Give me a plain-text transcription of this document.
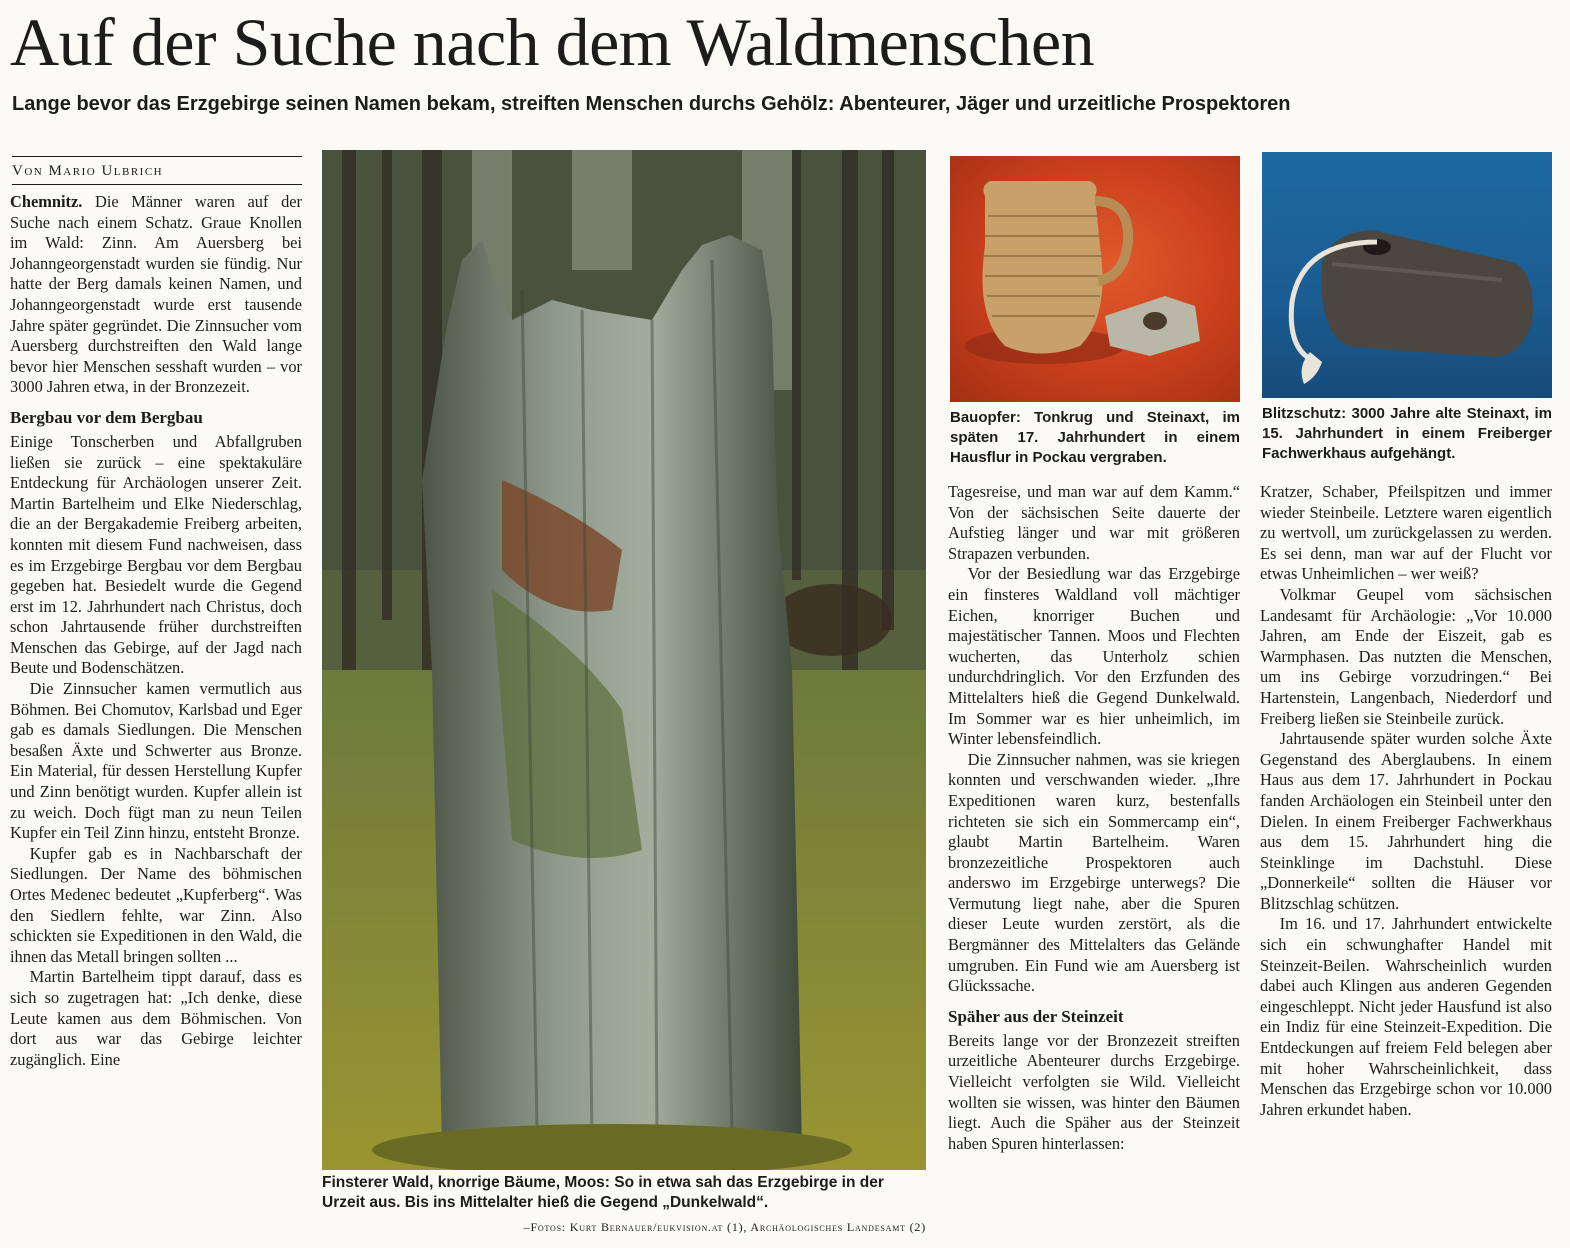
Auf der Suche nach dem Waldmenschen
Lange bevor das Erzgebirge seinen Namen bekam, streiften Menschen durchs Gehölz: Abenteurer, Jäger und urzeitliche Prospektoren
Von Mario Ulbrich

Chemnitz. Die Männer waren auf der Suche nach einem Schatz. Graue Knollen im Wald: Zinn. Am Auersberg bei Johanngeorgenstadt wurden sie fündig. Nur hatte der Berg damals keinen Namen, und Johanngeorgenstadt wurde erst tausende Jahre später gegründet. Die Zinnsucher vom Auersberg durchstreiften den Wald lange bevor hier Menschen sesshaft wurden – vor 3000 Jahren etwa, in der Bronzezeit.

Bergbau vor dem Bergbau

Einige Tonscherben und Abfallgruben ließen sie zurück – eine spektakuläre Entdeckung für Archäologen unserer Zeit. Martin Bartelheim und Elke Niederschlag, die an der Bergakademie Freiberg arbeiten, konnten mit diesem Fund nachweisen, dass es im Erzgebirge Bergbau vor dem Bergbau gegeben hat. Besiedelt wurde die Gegend erst im 12. Jahrhundert nach Christus, doch schon Jahrtausende früher durchstreiften Menschen das Gebirge, auf der Jagd nach Beute und Bodenschätzen.

Die Zinnsucher kamen vermutlich aus Böhmen. Bei Chomutov, Karlsbad und Eger gab es damals Siedlungen. Die Menschen besaßen Äxte und Schwerter aus Bronze. Ein Material, für dessen Herstellung Kupfer und Zinn benötigt wurden. Kupfer allein ist zu weich. Doch fügt man zu neun Teilen Kupfer ein Teil Zinn hinzu, entsteht Bronze.

Kupfer gab es in Nachbarschaft der Siedlungen. Der Name des böhmischen Ortes Medenec bedeutet „Kupferberg“. Was den Siedlern fehlte, war Zinn. Also schickten sie Expeditionen in den Wald, die ihnen das Metall bringen sollten ...

Martin Bartelheim tippt darauf, dass es sich so zugetragen hat: „Ich denke, diese Leute kamen aus dem Böhmischen. Von dort aus war das Gebirge leichter zugänglich. Eine

Finsterer Wald, knorrige Bäume, Moos: So in etwa sah das Erzgebirge in der Urzeit aus. Bis ins Mittelalter hieß die Gegend „Dunkelwald“.
–Fotos: Kurt Bernauer/eukvision.at (1), Archäologisches Landesamt (2)
Bauopfer: Tonkrug und Steinaxt, im späten 17. Jahrhundert in einem Hausflur in Pockau vergraben.
Blitzschutz: 3000 Jahre alte Steinaxt, im 15. Jahrhundert in einem Freiberger Fachwerkhaus aufgehängt.

Tagesreise, und man war auf dem Kamm.“ Von der sächsischen Seite dauerte der Aufstieg länger und war mit größeren Strapazen verbunden.

Vor der Besiedlung war das Erzgebirge ein finsteres Waldland voll mächtiger Eichen, knorriger Buchen und majestätischer Tannen. Moos und Flechten wucherten, das Unterholz schien undurchdringlich. Vor den Erzfunden des Mittelalters hieß die Gegend Dunkelwald. Im Sommer war es hier unheimlich, im Winter lebensfeindlich.

Die Zinnsucher nahmen, was sie kriegen konnten und verschwanden wieder. „Ihre Expeditionen waren kurz, bestenfalls richteten sie sich ein Sommercamp ein“, glaubt Martin Bartelheim. Waren bronzezeitliche Prospektoren auch anderswo im Erzgebirge unterwegs? Die Vermutung liegt nahe, aber die Spuren dieser Leute wurden zerstört, als die Bergmänner des Mittelalters das Gelände umgruben. Ein Fund wie am Auersberg ist Glückssache.

Späher aus der Steinzeit

Bereits lange vor der Bronzezeit streiften urzeitliche Abenteurer durchs Erzgebirge. Vielleicht verfolgten sie Wild. Vielleicht wollten sie wissen, was hinter den Bäumen liegt. Auch die Späher aus der Steinzeit haben Spuren hinterlassen:

Kratzer, Schaber, Pfeilspitzen und immer wieder Steinbeile. Letztere waren eigentlich zu wertvoll, um zurückgelassen zu werden. Es sei denn, man war auf der Flucht vor etwas Unheimlichen – wer weiß?

Volkmar Geupel vom sächsischen Landesamt für Archäologie: „Vor 10.000 Jahren, am Ende der Eiszeit, gab es Warmphasen. Das nutzten die Menschen, um ins Gebirge vorzudringen.“ Bei Hartenstein, Langenbach, Niederdorf und Freiberg ließen sie Steinbeile zurück.

Jahrtausende später wurden solche Äxte Gegenstand des Aberglaubens. In einem Haus aus dem 17. Jahrhundert in Pockau fanden Archäologen ein Steinbeil unter den Dielen. In einem Freiberger Fachwerkhaus aus dem 15. Jahrhundert hing die Steinklinge im Dachstuhl. Diese „Donnerkeile“ sollten die Häuser vor Blitzschlag schützen.

Im 16. und 17. Jahrhundert entwickelte sich ein schwunghafter Handel mit Steinzeit-Beilen. Wahrscheinlich wurden dabei auch Klingen aus anderen Gegenden eingeschleppt. Nicht jeder Hausfund ist also ein Indiz für eine Steinzeit-Expedition. Die Entdeckungen auf freiem Feld belegen aber mit hoher Wahrscheinlichkeit, dass Menschen das Erzgebirge schon vor 10.000 Jahren erkundet haben.
